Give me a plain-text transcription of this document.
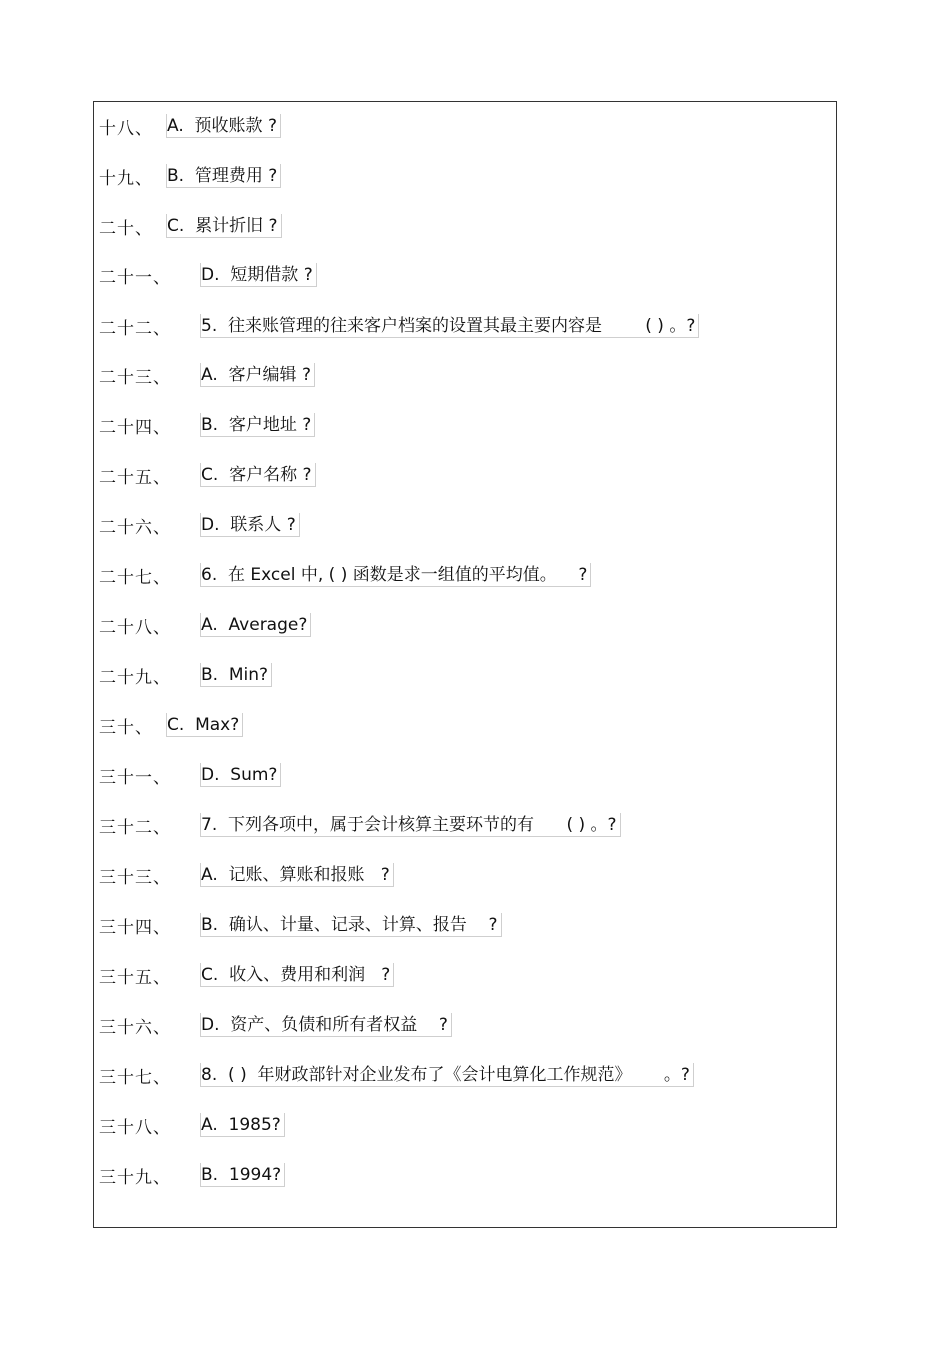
十八、 A.  预收账款 ?
十九、 B.  管理费用 ?
二十、 C.  累计折旧 ?
二十一、 D.  短期借款 ?
二十二、 5.  往来账管理的往来客户档案的设置其最主要内容是        ( ) 。?
二十三、 A.  客户编辑 ?
二十四、 B.  客户地址 ?
二十五、 C.  客户名称 ?
二十六、 D.  联系人 ?
二十七、 6.  在 Excel 中, ( ) 函数是求一组值的平均值。    ?
二十八、 A.  Average?
二十九、 B.  Min?
三十、 C.  Max?
三十一、 D.  Sum?
三十二、 7.  下列各项中，属于会计核算主要环节的有      ( ) 。?
三十三、 A.  记账、算账和报账   ?
三十四、 B.  确认、计量、记录、计算、报告    ?
三十五、 C.  收入、费用和利润   ?
三十六、 D.  资产、负债和所有者权益    ?
三十七、 8.  ( )  年财政部针对企业发布了《会计电算化工作规范》      。?
三十八、 A.  1985?
三十九、 B.  1994?
